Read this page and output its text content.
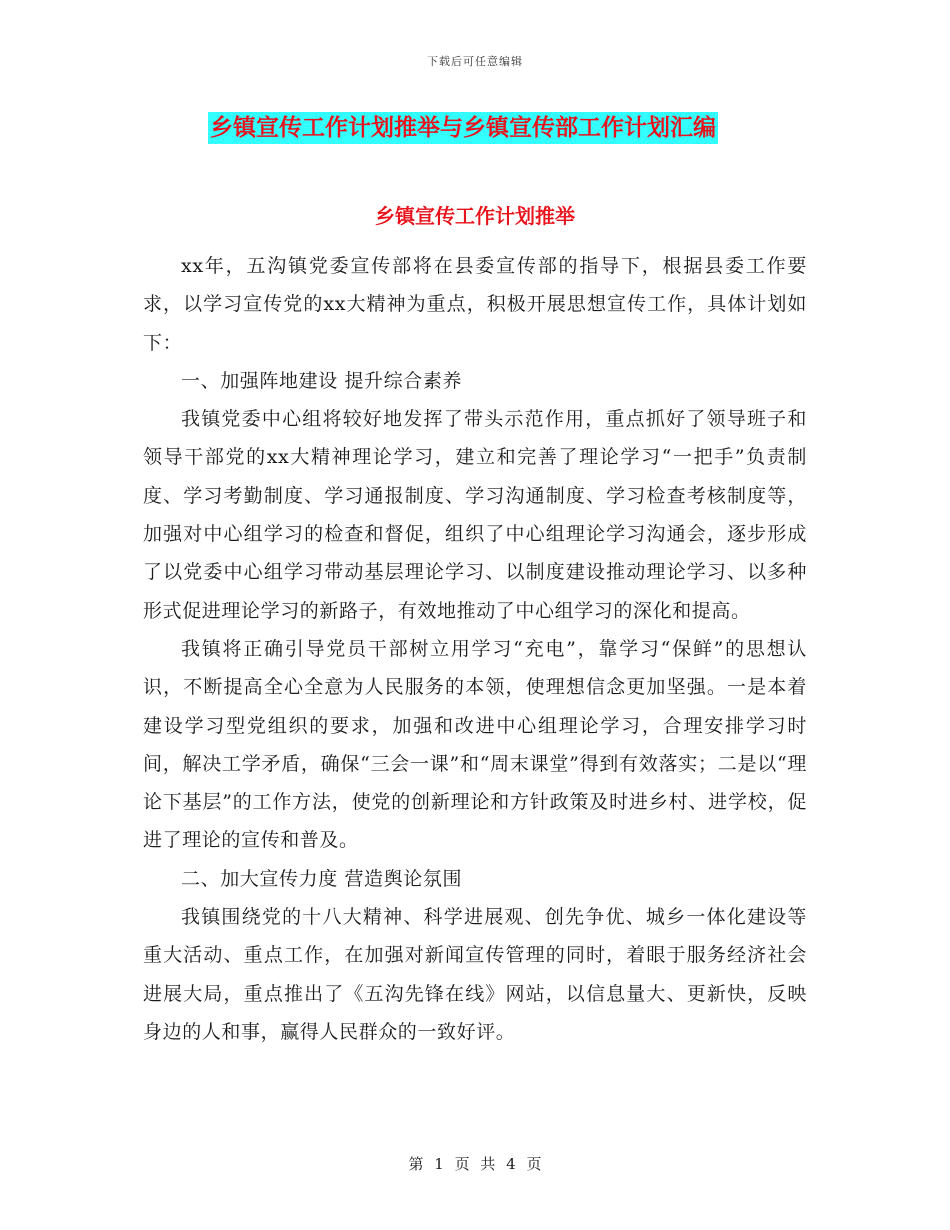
下载后可任意编辑
乡镇宣传工作计划推举与乡镇宣传部工作计划汇编
乡镇宣传工作计划推举

xx年，五沟镇党委宣传部将在县委宣传部的指导下，根据县委工作要求，以学习宣传党的xx大精神为重点，积极开展思想宣传工作，具体计划如下：

一、加强阵地建设 提升综合素养

我镇党委中心组将较好地发挥了带头示范作用，重点抓好了领导班子和领导干部党的xx大精神理论学习，建立和完善了理论学习“一把手”负责制度、学习考勤制度、学习通报制度、学习沟通制度、学习检查考核制度等，加强对中心组学习的检查和督促，组织了中心组理论学习沟通会，逐步形成了以党委中心组学习带动基层理论学习、以制度建设推动理论学习、以多种形式促进理论学习的新路子，有效地推动了中心组学习的深化和提高。

我镇将正确引导党员干部树立用学习“充电”，靠学习“保鲜”的思想认识，不断提高全心全意为人民服务的本领，使理想信念更加坚强。一是本着建设学习型党组织的要求，加强和改进中心组理论学习，合理安排学习时间，解决工学矛盾，确保“三会一课”和“周末课堂”得到有效落实；二是以“理论下基层”的工作方法，使党的创新理论和方针政策及时进乡村、进学校，促进了理论的宣传和普及。

二、加大宣传力度 营造舆论氛围

我镇围绕党的十八大精神、科学进展观、创先争优、城乡一体化建设等重大活动、重点工作，在加强对新闻宣传管理的同时，着眼于服务经济社会进展大局，重点推出了《五沟先锋在线》网站，以信息量大、更新快，反映身边的人和事，赢得人民群众的一致好评。

第 1 页 共 4 页
